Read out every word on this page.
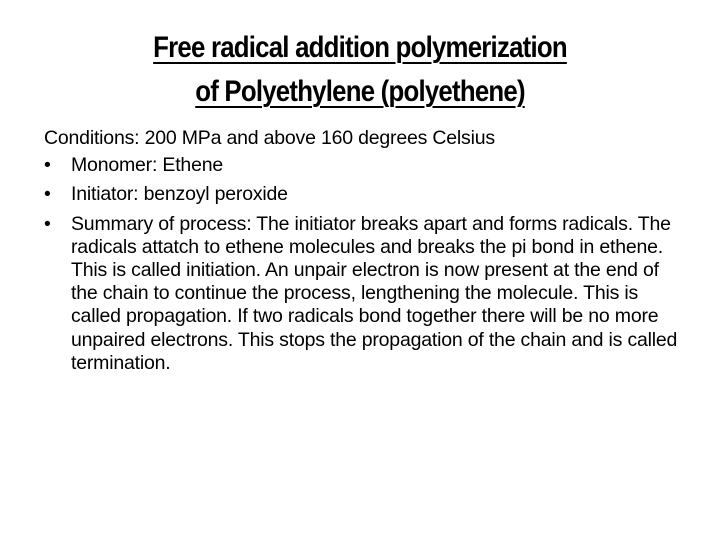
Free radical addition polymerization
of Polyethylene (polyethene)
Conditions: 200 MPa and above 160 degrees Celsius
• Monomer: Ethene
• Initiator: benzoyl peroxide
• Summary of process: The initiator breaks apart and forms radicals. The radicals attatch to ethene molecules and breaks the pi bond in ethene. This is called initiation. An unpair electron is now present at the end of the chain to continue the process, lengthening the molecule. This is called propagation. If two radicals bond together there will be no more unpaired electrons. This stops the propagation of the chain and is called termination.
